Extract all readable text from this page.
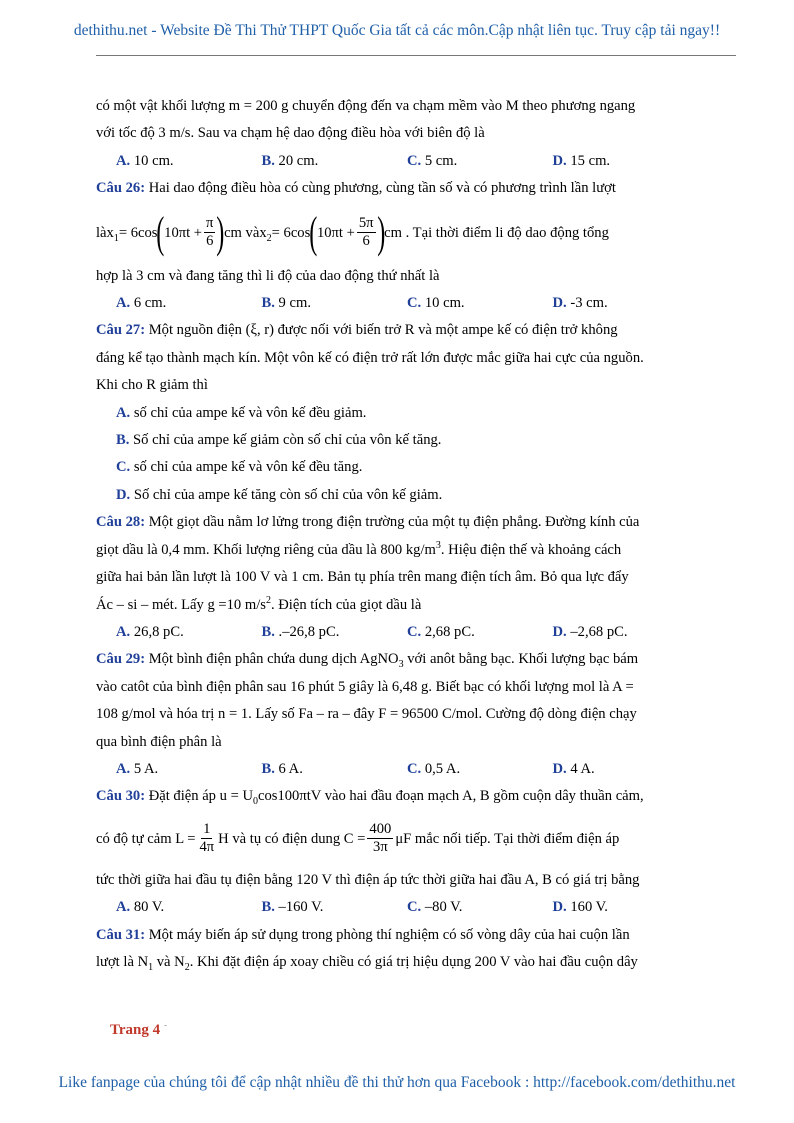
dethithu.net - Website Đề Thi Thử THPT Quốc Gia tất cả các môn.Cập nhật liên tục. Truy cập tải ngay!!

có một vật khối lượng m = 200 g chuyển động đến va chạm mềm vào M theo phương ngang

với tốc độ 3 m/s. Sau va chạm hệ dao động điều hòa với biên độ là

A. 10 cm.	B. 20 cm.	C. 5 cm.	D. 15 cm.

Câu 26: Hai dao động điều hòa có cùng phương, cùng tần số và có phương trình lần lượt

là $x_1 = 6\cos$ ( $10\pi t + \frac{\pi}{6}$ ) cm và $x_2 = 6\cos$ ( $10\pi t + \frac{5\pi}{6}$ ) cm . Tại thời điểm li độ dao động tổng

hợp là 3 cm và đang tăng thì li độ của dao động thứ nhất là

A. 6 cm.	B. 9 cm.	C. 10 cm.	D. -3 cm.

Câu 27: Một nguồn điện (ξ, r) được nối với biến trở R và một ampe kế có điện trở không

đáng kể tạo thành mạch kín. Một vôn kế có điện trở rất lớn được mắc giữa hai cực của nguồn.

Khi cho R giảm thì

A. số chỉ của ampe kế và vôn kế đều giảm.
B. Số chỉ của ampe kế giảm còn số chỉ của vôn kế tăng.
C. số chỉ của ampe kế và vôn kế đều tăng.
D. Số chỉ của ampe kế tăng còn số chỉ của vôn kế giảm.

Câu 28: Một giọt dầu nằm lơ lửng trong điện trường của một tụ điện phẳng. Đường kính của

giọt dầu là 0,4 mm. Khối lượng riêng của dầu là 800 $kg/m^3$. Hiệu điện thế và khoảng cách

giữa hai bản lần lượt là 100 V và 1 cm. Bản tụ phía trên mang điện tích âm. Bỏ qua lực đẩy

Ác – si – mét. Lấy g =10 $m/s^2$. Điện tích của giọt dầu là

A. 26,8 pC.	B. .–26,8 pC.	C. 2,68 pC.	D. –2,68 pC.

Câu 29: Một bình điện phân chứa dung dịch AgNO$_3$ với anôt bằng bạc. Khối lượng bạc bám

vào catôt của bình điện phân sau 16 phút 5 giây là 6,48 g. Biết bạc có khối lượng mol là A =

108 g/mol và hóa trị n = 1. Lấy số Fa – ra – đây F = 96500 C/mol. Cường độ dòng điện chạy

qua bình điện phân là

A. 5 A.	B. 6 A.	C. 0,5 A.	D. 4 A.

Câu 30: Đặt điện áp $u = U_0\cos 100\pi tV$ vào hai đầu đoạn mạch A, B gồm cuộn dây thuần cảm,

có độ tự cảm $L = \frac{1}{4\pi}$ H và tụ có điện dung $C = \frac{400}{3\pi}$ μF mắc nối tiếp. Tại thời điểm điện áp

tức thời giữa hai đầu tụ điện bằng 120 V thì điện áp tức thời giữa hai đầu A, B có giá trị bằng

A. 80 V.	B. –160 V.	C. –80 V.	D. 160 V.

Câu 31: Một máy biến áp sử dụng trong phòng thí nghiệm có số vòng dây của hai cuộn lần

lượt là $N_1$ và $N_2$. Khi đặt điện áp xoay chiều có giá trị hiệu dụng 200 V vào hai đầu cuộn dây

Trang 4 -
Like fanpage của chúng tôi để cập nhật nhiều đề thi thử hơn qua Facebook : http://facebook.com/dethithu.net
